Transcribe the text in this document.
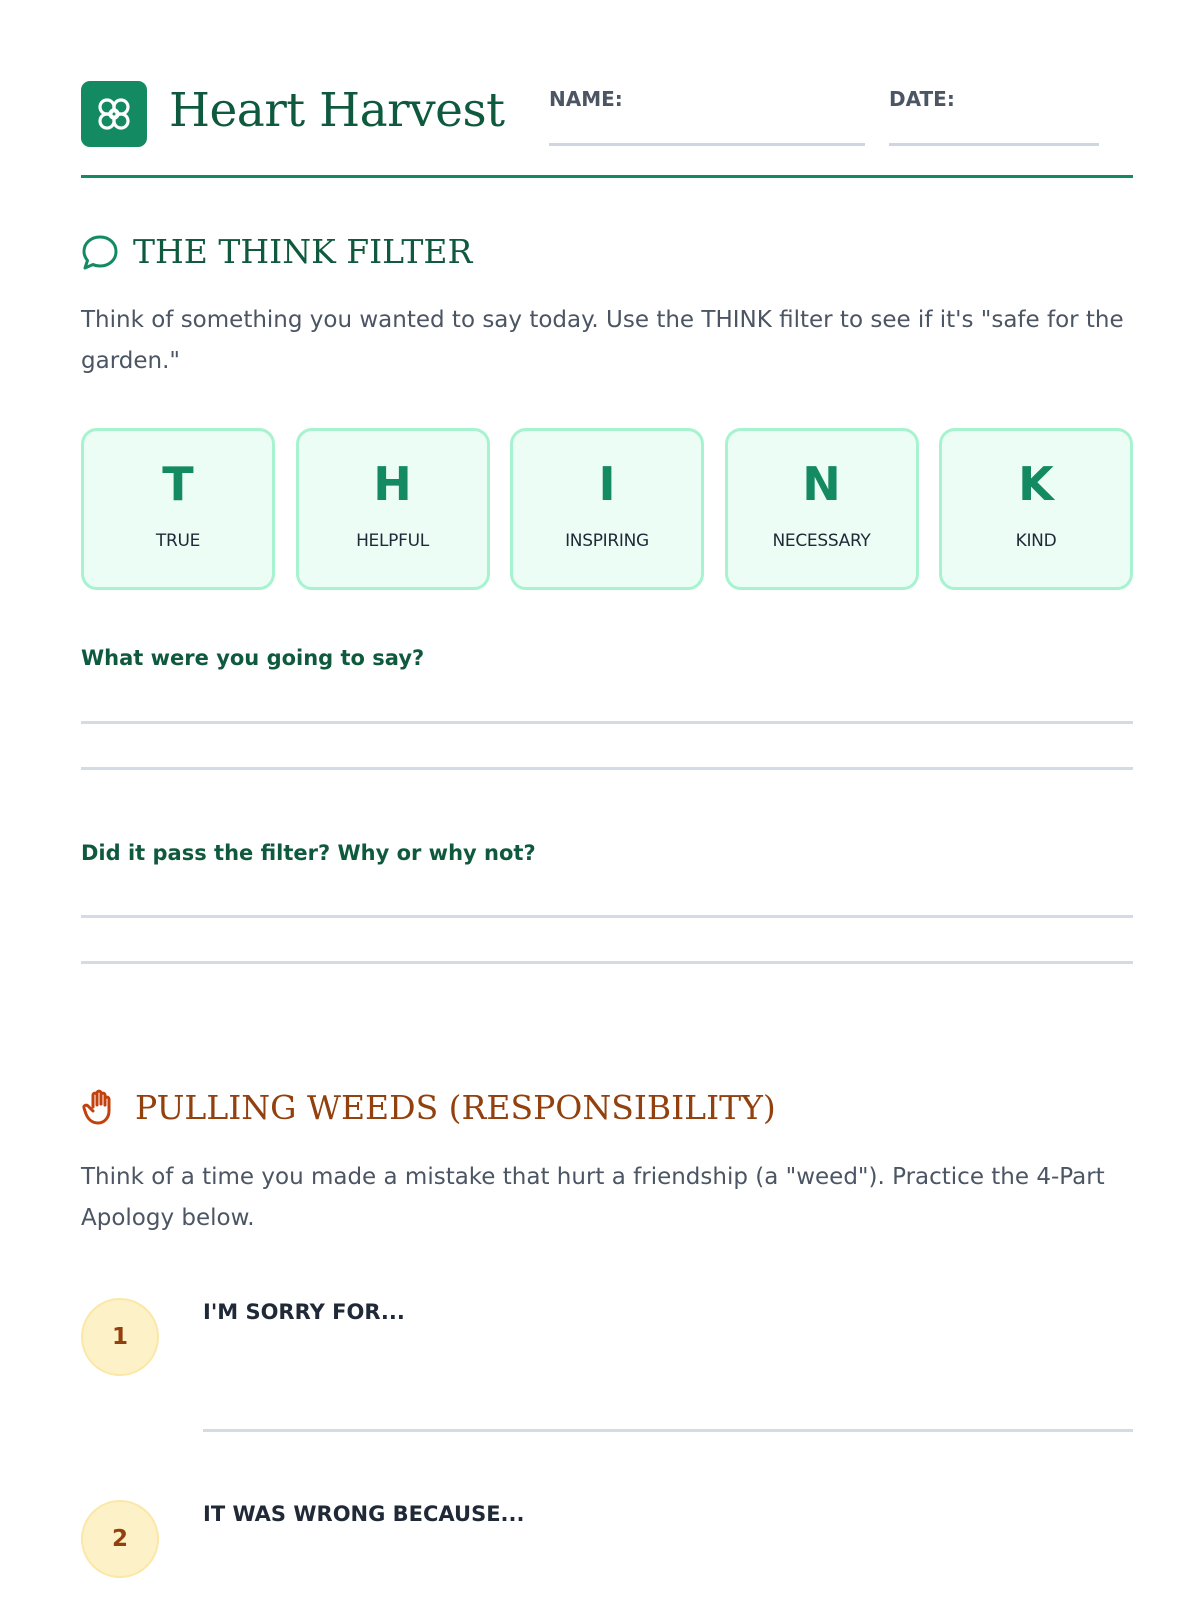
Heart Harvest NAME:	DATE:
THE THINK FILTER
Think of something you wanted to say today. Use the THINK filter to see if it's "safe for the garden."
T
TRUE
H
HELPFUL
I
INSPIRING
N
NECESSARY
K
KIND
What were you going to say?
Did it pass the filter? Why or why not?
PULLING WEEDS (RESPONSIBILITY)
Think of a time you made a mistake that hurt a friendship (a "weed"). Practice the 4-Part Apology below.
1
I'M SORRY FOR...
2
IT WAS WRONG BECAUSE...
